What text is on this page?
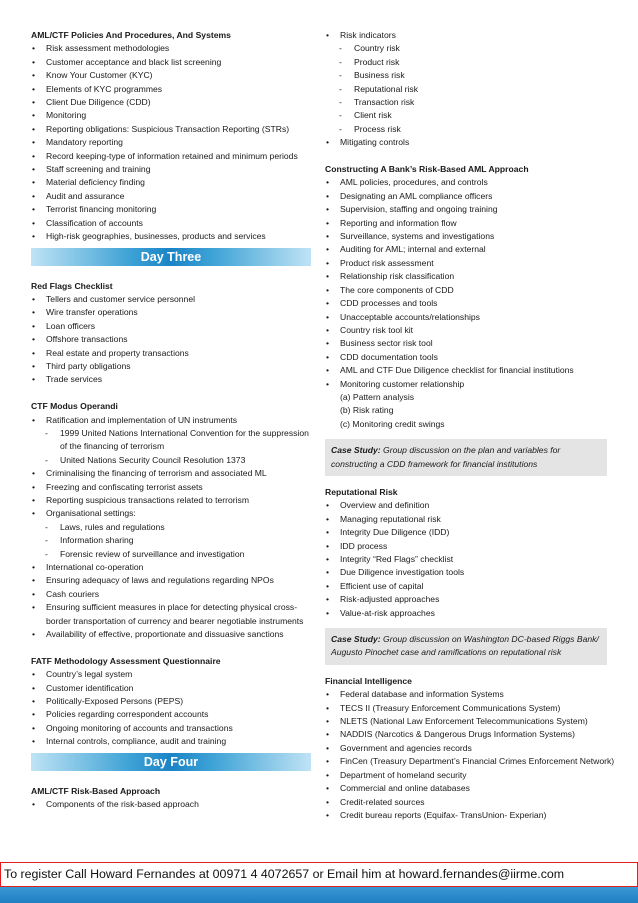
AML/CTF Policies And Procedures, And Systems
• Risk assessment methodologies
• Customer acceptance and black list screening
• Know Your Customer (KYC)
• Elements of KYC programmes
• Client Due Diligence (CDD)
• Monitoring
• Reporting obligations: Suspicious Transaction Reporting (STRs)
• Mandatory reporting
• Record keeping-type of information retained and minimum periods
• Staff screening and training
• Material deficiency finding
• Audit and assurance
• Terrorist financing monitoring
• Classification of accounts
• High-risk geographies, businesses, products and services
Day Three
Red Flags Checklist
• Tellers and customer service personnel
• Wire transfer operations
• Loan officers
• Offshore transactions
• Real estate and property transactions
• Third party obligations
• Trade services
CTF Modus Operandi
• Ratification and implementation of UN instruments
- 1999 United Nations International Convention for the suppression of the financing of terrorism
- United Nations Security Council Resolution 1373
• Criminalising the financing of terrorism and associated ML
• Freezing and confiscating terrorist assets
• Reporting suspicious transactions related to terrorism
• Organisational settings:
- Laws, rules and regulations
- Information sharing
- Forensic review of surveillance and investigation
• International co-operation
• Ensuring adequacy of laws and regulations regarding NPOs
• Cash couriers
• Ensuring sufficient measures in place for detecting physical cross-border transportation of currency and bearer negotiable instruments
• Availability of effective, proportionate and dissuasive sanctions
FATF Methodology Assessment Questionnaire
• Country’s legal system
• Customer identification
• Politically-Exposed Persons (PEPS)
• Policies regarding correspondent accounts
• Ongoing monitoring of accounts and transactions
• Internal controls, compliance, audit and training
Day Four
AML/CTF Risk-Based Approach
• Components of the risk-based approach
• Risk indicators
- Country risk
- Product risk
- Business risk
- Reputational risk
- Transaction risk
- Client risk
- Process risk
• Mitigating controls
Constructing A Bank’s Risk-Based AML Approach
• AML policies, procedures, and controls
• Designating an AML compliance officers
• Supervision, staffing and ongoing training
• Reporting and information flow
• Surveillance, systems and investigations
• Auditing for AML; internal and external
• Product risk assessment
• Relationship risk classification
• The core components of CDD
• CDD processes and tools
• Unacceptable accounts/relationships
• Country risk tool kit
• Business sector risk tool
• CDD documentation tools
• AML and CTF Due Diligence checklist for financial institutions
• Monitoring customer relationship
(a) Pattern analysis
(b) Risk rating
(c) Monitoring credit swings
Case Study: Group discussion on the plan and variables for constructing a CDD framework for financial institutions
Reputational Risk
• Overview and definition
• Managing reputational risk
• Integrity Due Diligence (IDD)
• IDD process
• Integrity “Red Flags” checklist
• Due Diligence investigation tools
• Efficient use of capital
• Risk-adjusted approaches
• Value-at-risk approaches
Case Study: Group discussion on Washington DC-based Riggs Bank/ Augusto Pinochet case and ramifications on reputational risk
Financial Intelligence
• Federal database and information Systems
• TECS II (Treasury Enforcement Communications System)
• NLETS (National Law Enforcement Telecommunications System)
• NADDIS (Narcotics & Dangerous Drugs Information Systems)
• Government and agencies records
• FinCen (Treasury Department’s Financial Crimes Enforcement Network)
• Department of homeland security
• Commercial and online databases
• Credit-related sources
• Credit bureau reports (Equifax- TransUnion- Experian)
To register Call Howard Fernandes at 00971 4 4072657 or Email him at howard.fernandes@iirme.com
